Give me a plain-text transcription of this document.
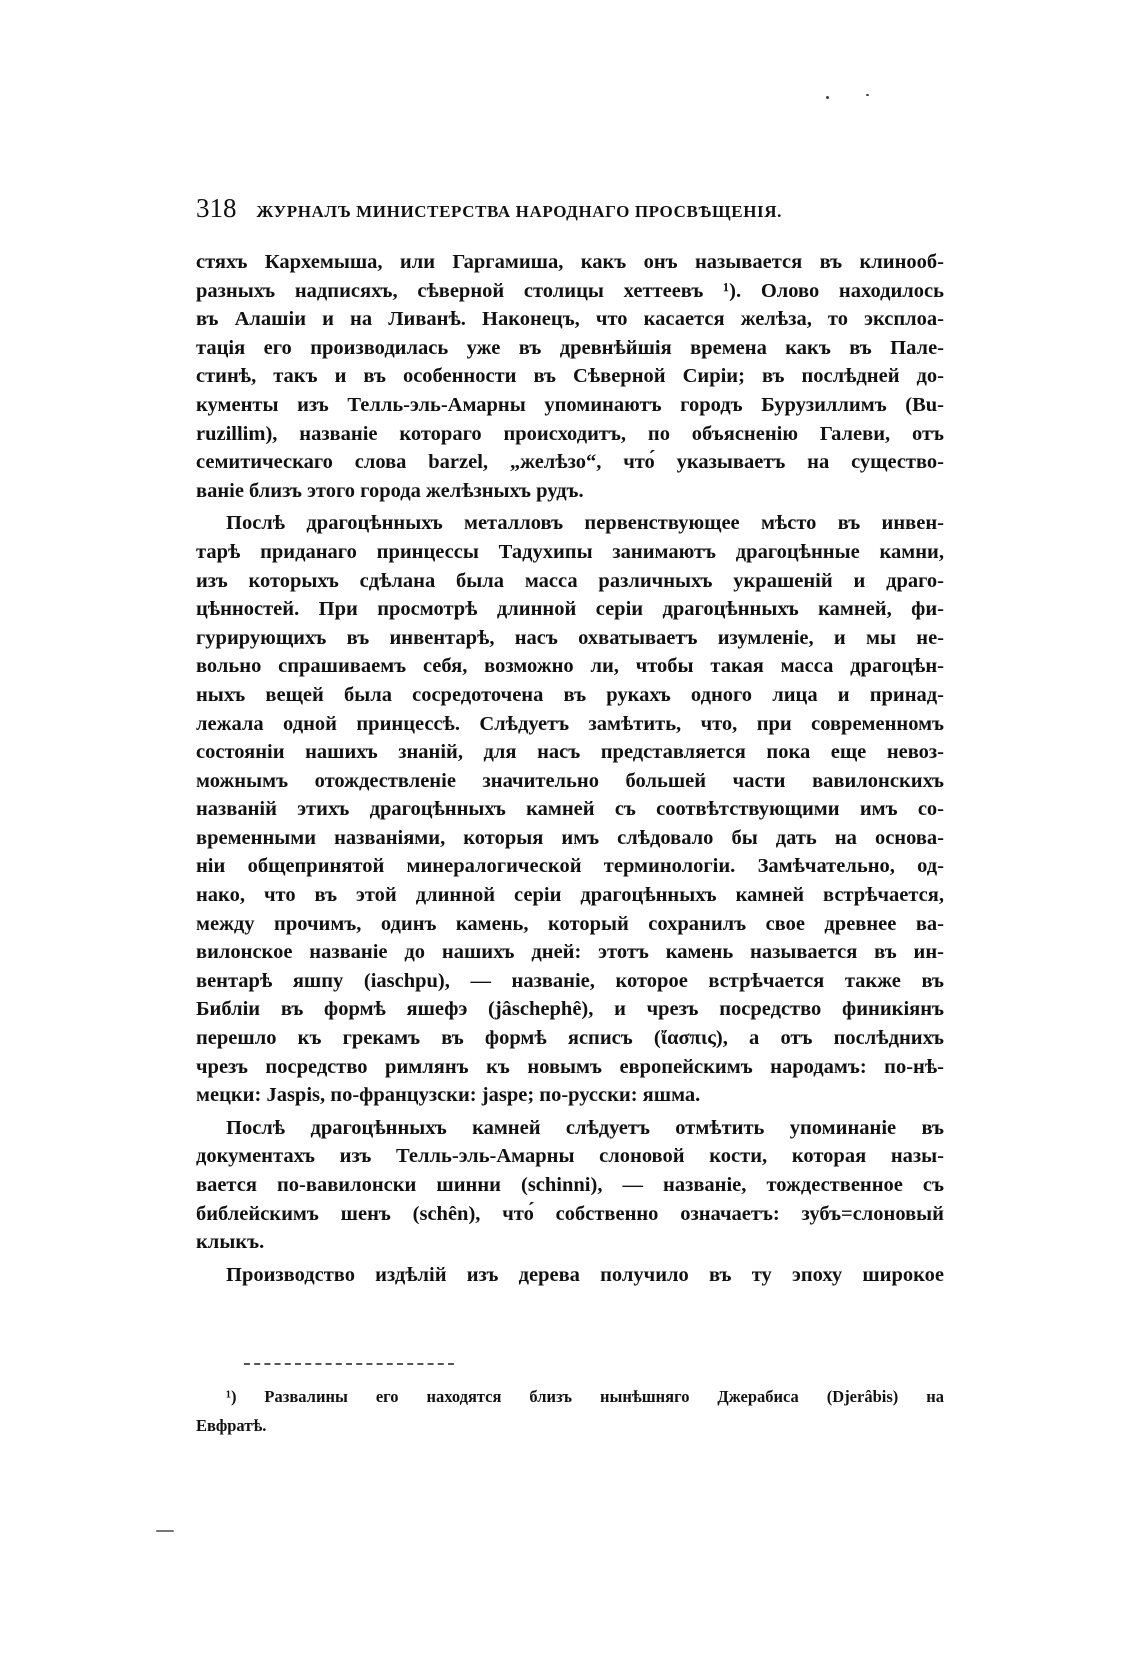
318 ЖУРНАЛЪ МИНИСТЕРСТВА НАРОДНАГО ПРОСВѢЩЕНІЯ.
стяхъ Кархемыша, или Гаргамиша, какъ онъ называется въ клинооб-
разныхъ надписяхъ, сѣверной столицы хеттеевъ ¹). Олово находилось
въ Алашіи и на Ливанѣ. Наконецъ, что касается желѣза, то эксплоа-
тація его производилась уже въ древнѣйшія времена какъ въ Пале-
стинѣ, такъ и въ особенности въ Сѣверной Сиріи; въ послѣдней до-
кументы изъ Телль-эль-Амарны упоминаютъ городъ Бурузиллимъ (Bu-
ruzillim), названіе котораго происходитъ, по объясненію Галеви, отъ
семитическаго слова barzel, „желѣзо“, что́ указываетъ на существо-
ваніе близъ этого города желѣзныхъ рудъ.
Послѣ драгоцѣнныхъ металловъ первенствующее мѣсто въ инвен-
тарѣ приданаго принцессы Тадухипы занимаютъ драгоцѣнные камни,
изъ которыхъ сдѣлана была масса различныхъ украшеній и драго-
цѣнностей. При просмотрѣ длинной серіи драгоцѣнныхъ камней, фи-
гурирующихъ въ инвентарѣ, насъ охватываетъ изумленіе, и мы не-
вольно спрашиваемъ себя, возможно ли, чтобы такая масса драгоцѣн-
ныхъ вещей была сосредоточена въ рукахъ одного лица и принад-
лежала одной принцессѣ. Слѣдуетъ замѣтить, что, при современномъ
состояніи нашихъ знаній, для насъ представляется пока еще невоз-
можнымъ отождествленіе значительно большей части вавилонскихъ
названій этихъ драгоцѣнныхъ камней съ соотвѣтствующими имъ со-
временными названіями, которыя имъ слѣдовало бы дать на основа-
ніи общепринятой минералогической терминологіи. Замѣчательно, од-
нако, что въ этой длинной серіи драгоцѣнныхъ камней встрѣчается,
между прочимъ, одинъ камень, который сохранилъ свое древнее ва-
вилонское названіе до нашихъ дней: этотъ камень называется въ ин-
вентарѣ яшпу (iaschpu), — названіе, которое встрѣчается также въ
Библіи въ формѣ яшефэ (jâschephê), и чрезъ посредство финикіянъ
перешло къ грекамъ въ формѣ ясписъ (ἴασπις), а отъ послѣднихъ
чрезъ посредство римлянъ къ новымъ европейскимъ народамъ: по-нѣ-
мецки: Jaspis, по-французски: jaspe; по-русски: яшма.
Послѣ драгоцѣнныхъ камней слѣдуетъ отмѣтить упоминаніе въ
документахъ изъ Телль-эль-Амарны слоновой кости, которая назы-
вается по-вавилонски шинни (schinni), — названіе, тождественное съ
библейскимъ шенъ (schên), что́ собственно означаетъ: зубъ=слоновый
клыкъ.
Производство издѣлій изъ дерева получило въ ту эпоху широкое
¹) Развалины его находятся близъ нынѣшняго Джерабиса (Djerâbis) на
Евфратѣ.
